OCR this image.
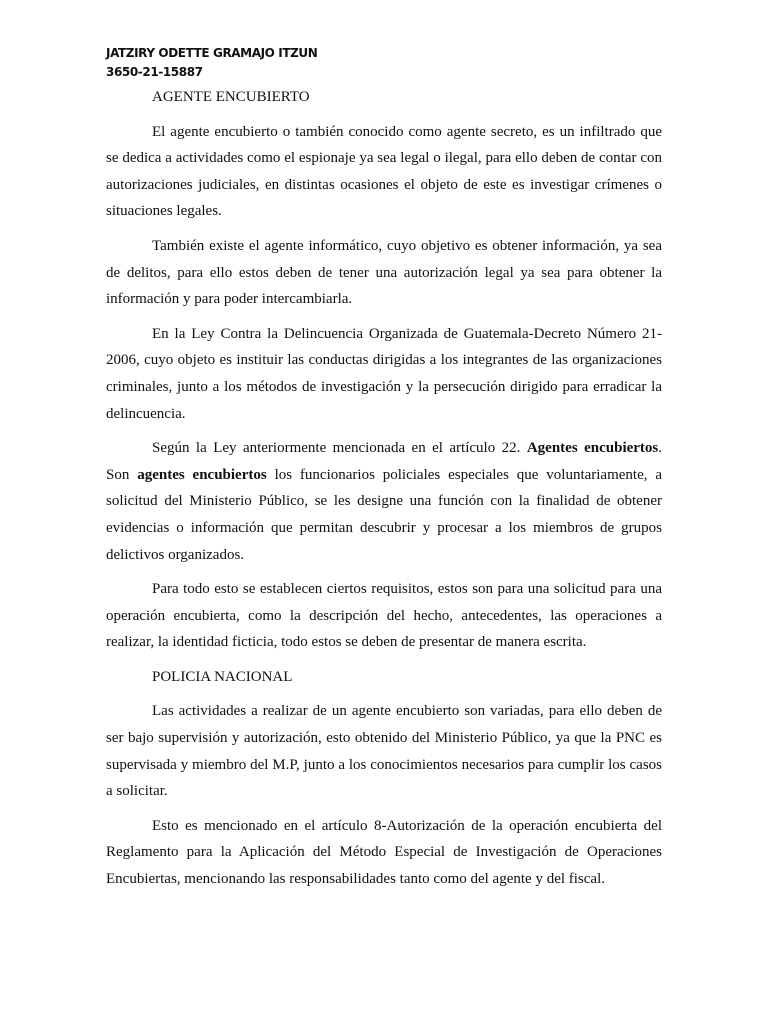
JATZIRY ODETTE GRAMAJO ITZUN
3650-21-15887

AGENTE ENCUBIERTO

El agente encubierto o también conocido como agente secreto, es un infiltrado que se dedica a actividades como el espionaje ya sea legal o ilegal, para ello deben de contar con autorizaciones judiciales, en distintas ocasiones el objeto de este es investigar crímenes o situaciones legales.

También existe el agente informático, cuyo objetivo es obtener información, ya sea de delitos, para ello estos deben de tener una autorización legal ya sea para obtener la información y para poder intercambiarla.

En la Ley Contra la Delincuencia Organizada de Guatemala-Decreto Número 21-2006, cuyo objeto es instituir las conductas dirigidas a los integrantes de las organizaciones criminales, junto a los métodos de investigación y la persecución dirigido para erradicar la delincuencia.

Según la Ley anteriormente mencionada en el artículo 22. Agentes encubiertos. Son agentes encubiertos los funcionarios policiales especiales que voluntariamente, a solicitud del Ministerio Público, se les designe una función con la finalidad de obtener evidencias o información que permitan descubrir y procesar a los miembros de grupos delictivos organizados.

Para todo esto se establecen ciertos requisitos, estos son para una solicitud para una operación encubierta, como la descripción del hecho, antecedentes, las operaciones a realizar, la identidad ficticia, todo estos se deben de presentar de manera escrita.

POLICIA NACIONAL

Las actividades a realizar de un agente encubierto son variadas, para ello deben de ser bajo supervisión y autorización, esto obtenido del Ministerio Público, ya que la PNC es supervisada y miembro del M.P, junto a los conocimientos necesarios para cumplir los casos a solicitar.

Esto es mencionado en el artículo 8-Autorización de la operación encubierta del Reglamento para la Aplicación del Método Especial de Investigación de Operaciones Encubiertas, mencionando las responsabilidades tanto como del agente y del fiscal.
